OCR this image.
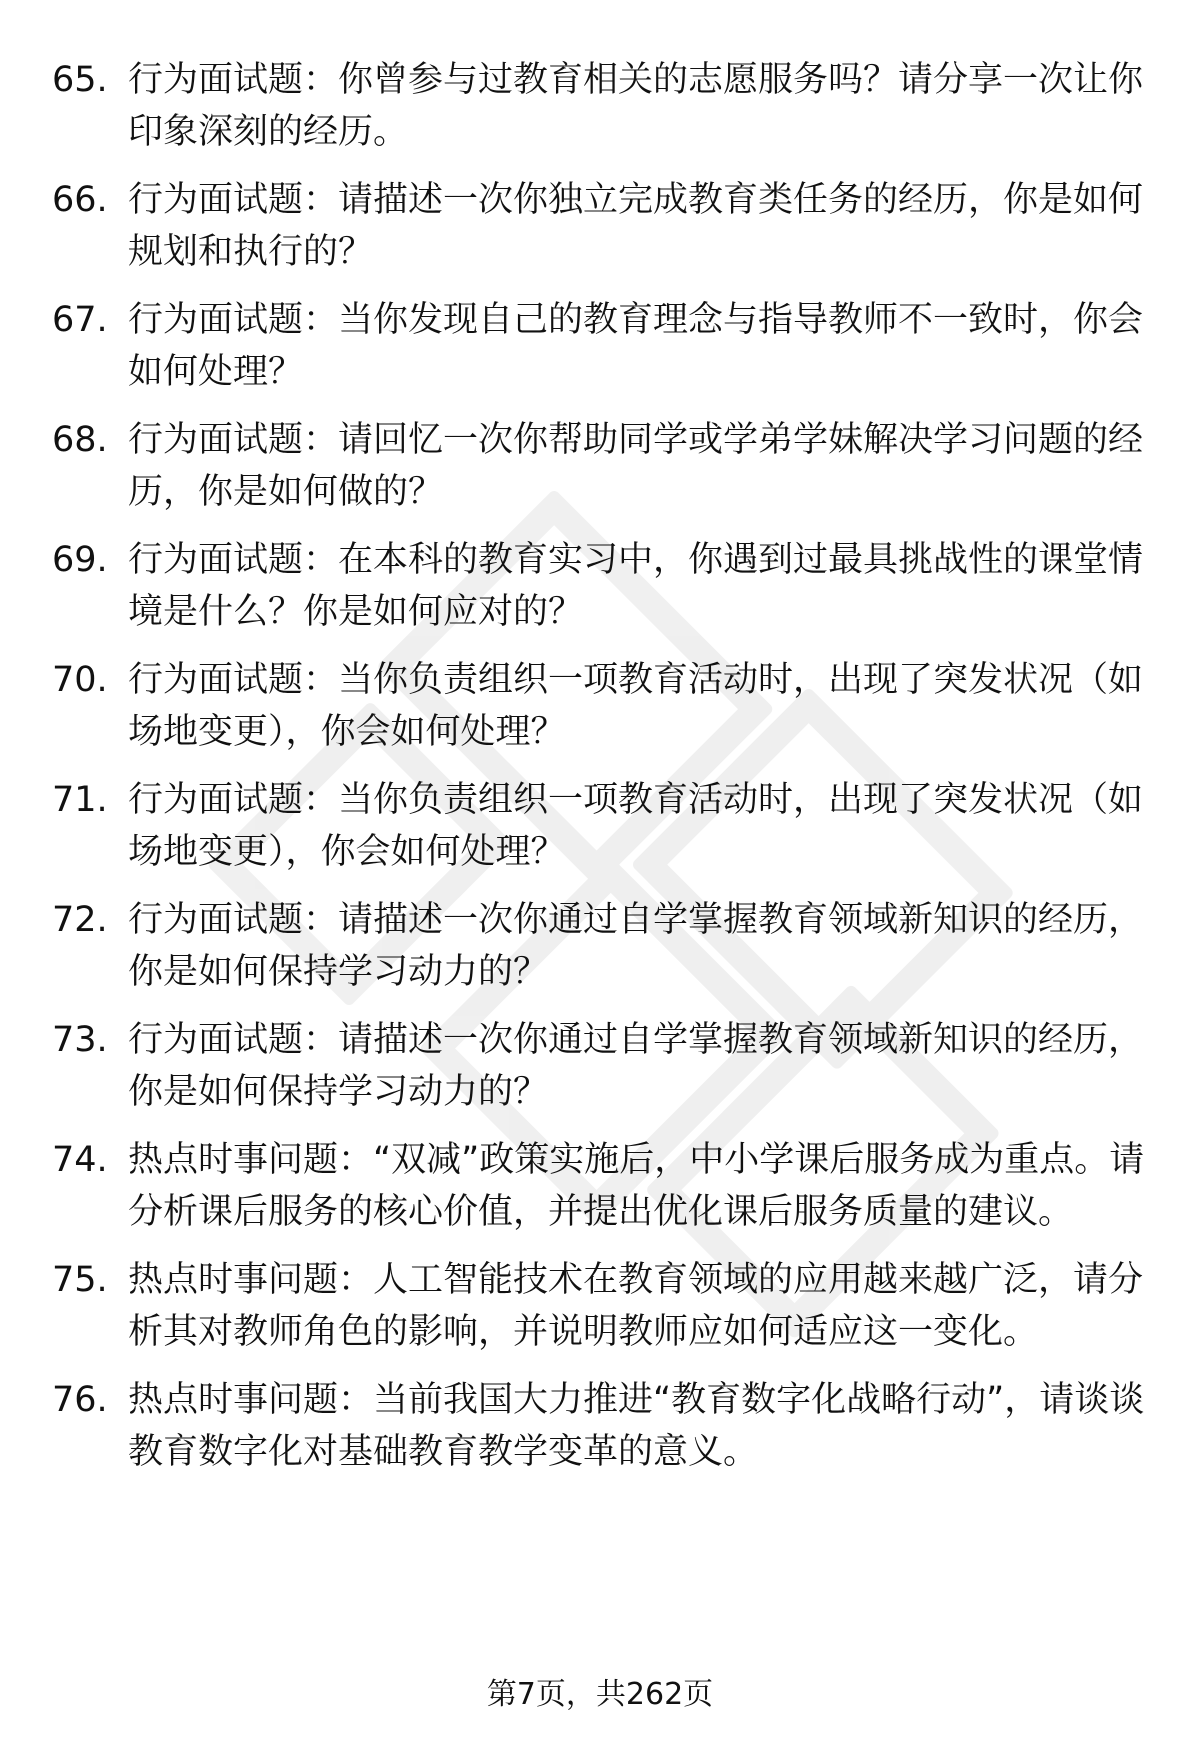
65. 行为面试题：你曾参与过教育相关的志愿服务吗？请分享一次让你印象深刻的经历。
66. 行为面试题：请描述一次你独立完成教育类任务的经历，你是如何规划和执行的？
67. 行为面试题：当你发现自己的教育理念与指导教师不一致时，你会如何处理？
68. 行为面试题：请回忆一次你帮助同学或学弟学妹解决学习问题的经历，你是如何做的？
69. 行为面试题：在本科的教育实习中，你遇到过最具挑战性的课堂情境是什么？你是如何应对的？
70. 行为面试题：当你负责组织一项教育活动时，出现了突发状况（如场地变更），你会如何处理？
71. 行为面试题：当你负责组织一项教育活动时，出现了突发状况（如场地变更），你会如何处理？
72. 行为面试题：请描述一次你通过自学掌握教育领域新知识的经历，你是如何保持学习动力的？
73. 行为面试题：请描述一次你通过自学掌握教育领域新知识的经历，你是如何保持学习动力的？
74. 热点时事问题：“双减”政策实施后，中小学课后服务成为重点。请分析课后服务的核心价值，并提出优化课后服务质量的建议。
75. 热点时事问题：人工智能技术在教育领域的应用越来越广泛，请分析其对教师角色的影响，并说明教师应如何适应这一变化。
76. 热点时事问题：当前我国大力推进“教育数字化战略行动”，请谈谈教育数字化对基础教育教学变革的意义。
第7页，共262页
